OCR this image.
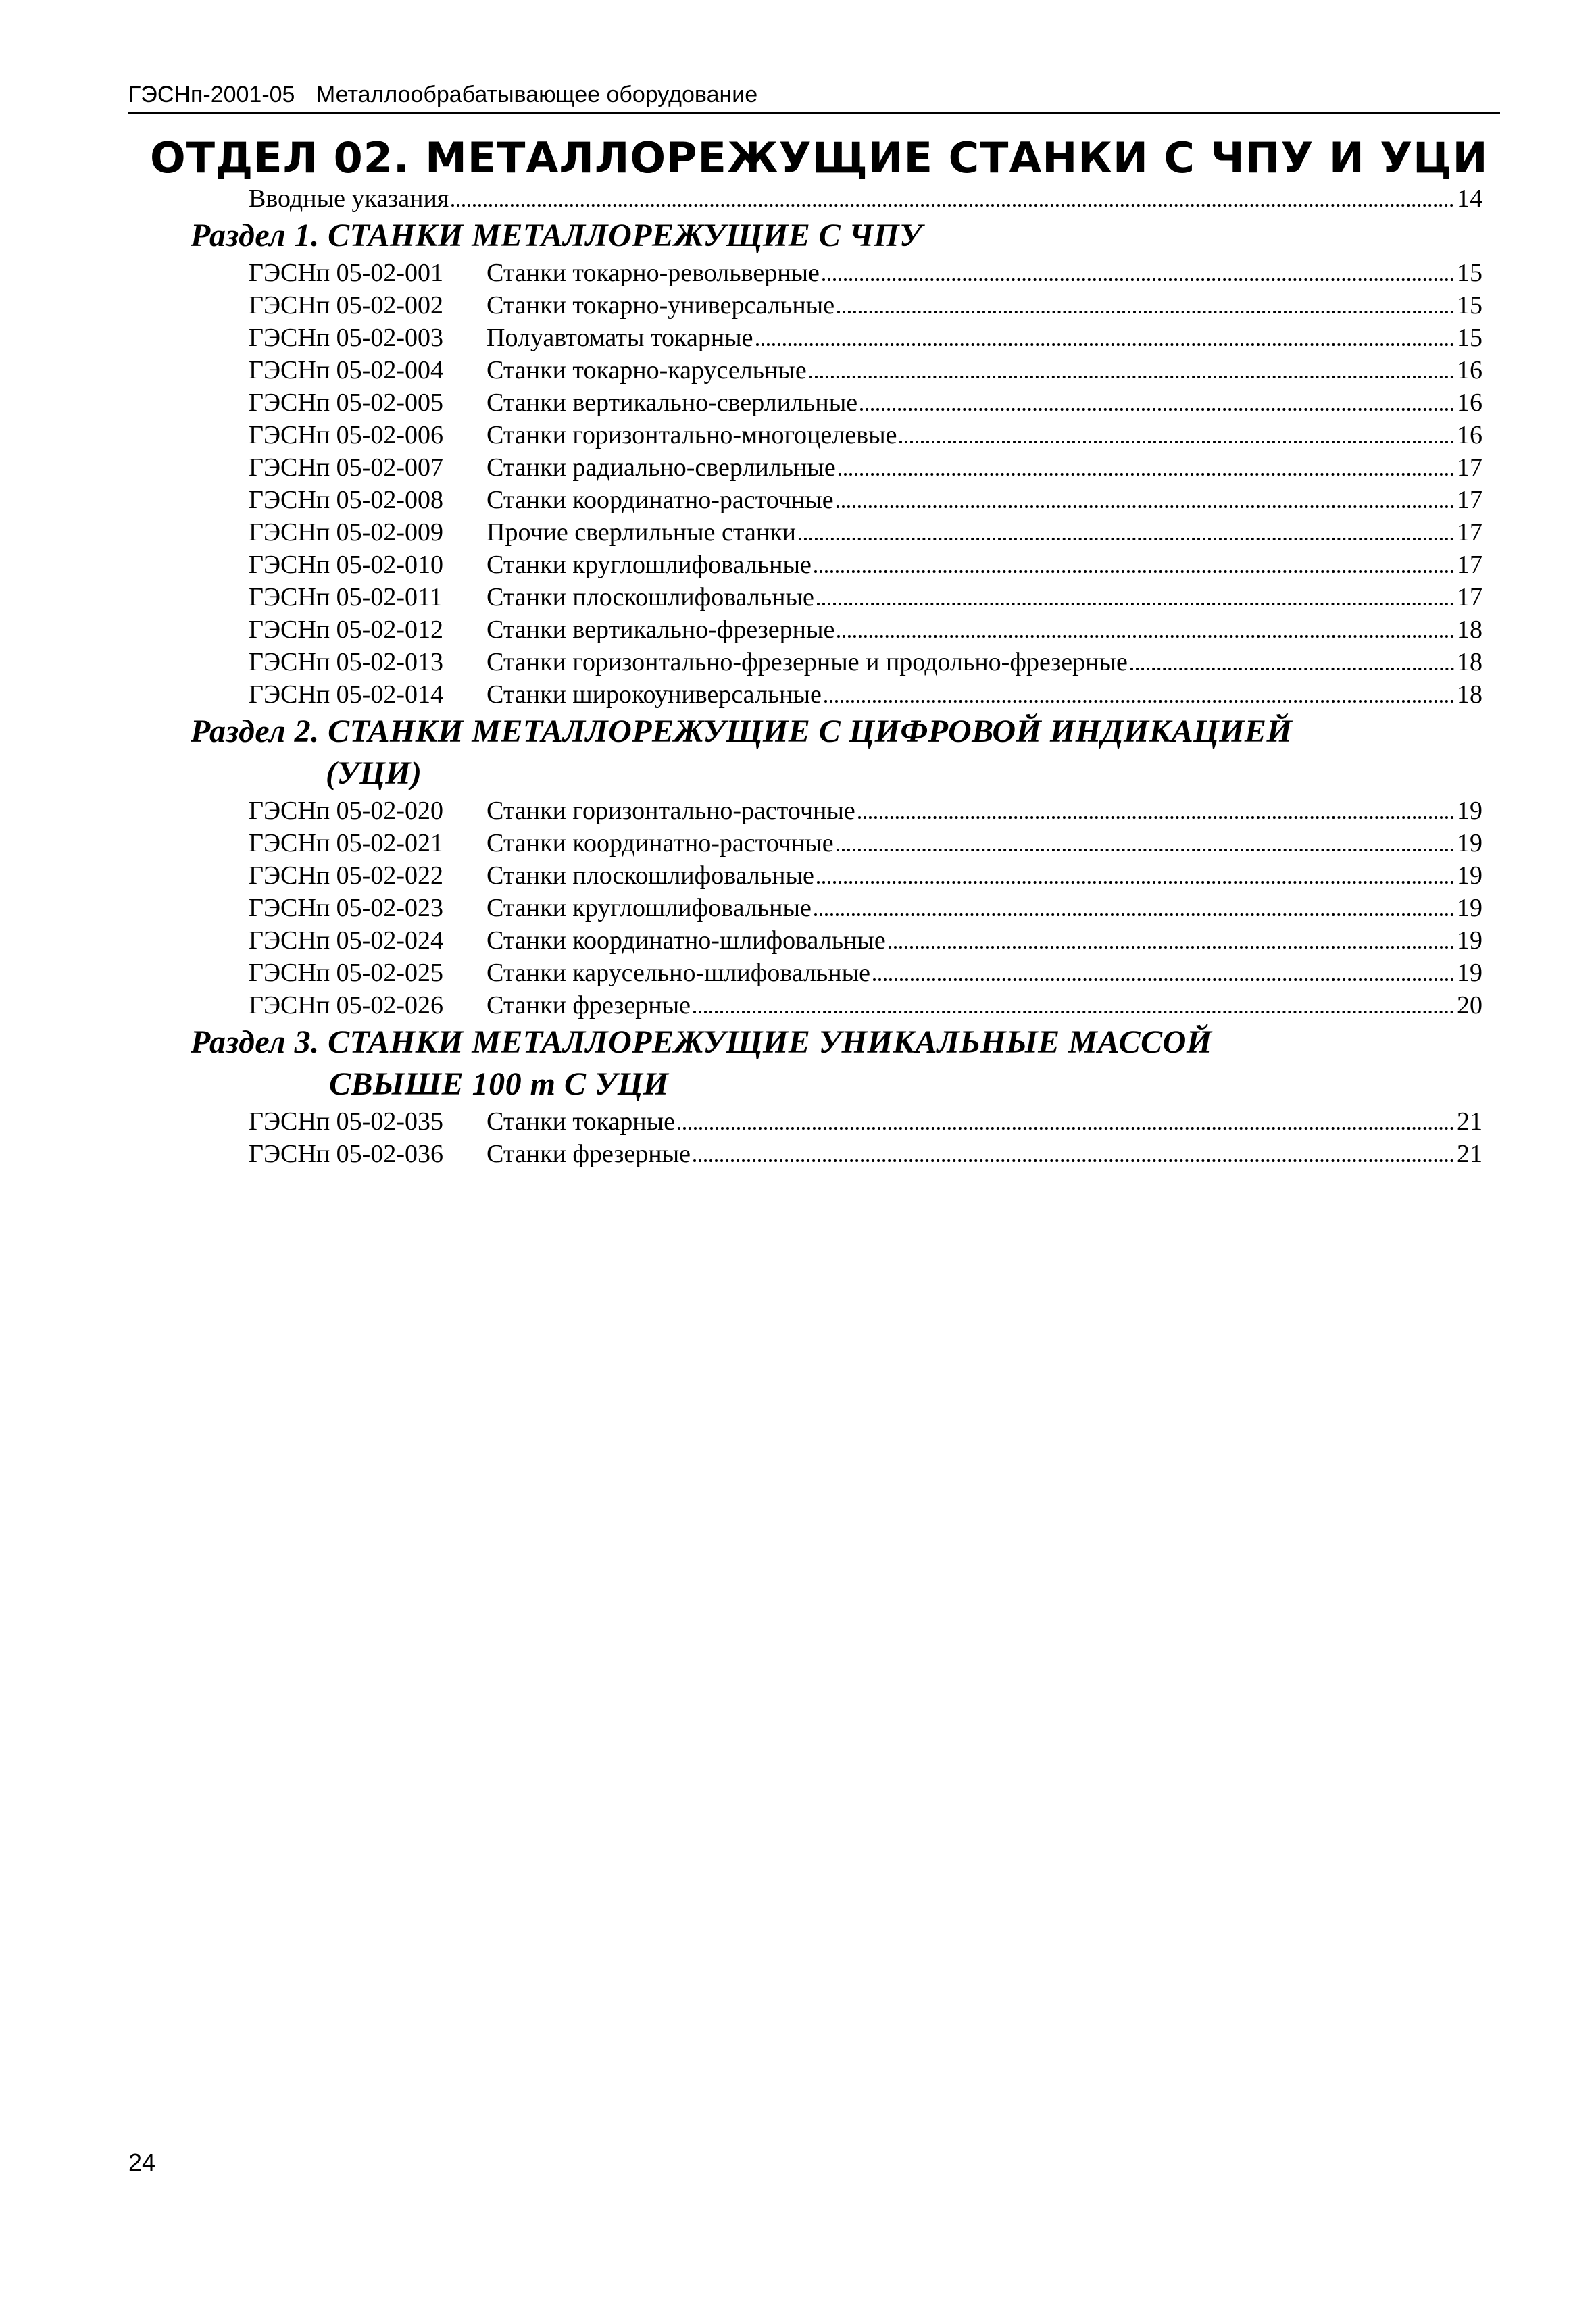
ГЭСНп-2001-05 Металлообрабатывающее оборудование
ОТДЕЛ 02. МЕТАЛЛОРЕЖУЩИЕ СТАНКИ С ЧПУ И УЦИ
Вводные указания	14
Раздел 1. СТАНКИ МЕТАЛЛОРЕЖУЩИЕ С ЧПУ
ГЭСНп 05-02-001 Станки токарно-револьверные	15
ГЭСНп 05-02-002 Станки токарно-универсальные	15
ГЭСНп 05-02-003 Полуавтоматы токарные	15
ГЭСНп 05-02-004 Станки токарно-карусельные	16
ГЭСНп 05-02-005 Станки вертикально-сверлильные	16
ГЭСНп 05-02-006 Станки горизонтально-многоцелевые	16
ГЭСНп 05-02-007 Станки радиально-сверлильные	17
ГЭСНп 05-02-008 Станки координатно-расточные	17
ГЭСНп 05-02-009 Прочие сверлильные станки	17
ГЭСНп 05-02-010 Станки круглошлифовальные	17
ГЭСНп 05-02-011 Станки плоскошлифовальные	17
ГЭСНп 05-02-012 Станки вертикально-фрезерные	18
ГЭСНп 05-02-013 Станки горизонтально-фрезерные и продольно-фрезерные	18
ГЭСНп 05-02-014 Станки широкоуниверсальные	18
Раздел 2. СТАНКИ МЕТАЛЛОРЕЖУЩИЕ С ЦИФРОВОЙ ИНДИКАЦИЕЙ
(УЦИ)
ГЭСНп 05-02-020 Станки горизонтально-расточные	19
ГЭСНп 05-02-021 Станки координатно-расточные	19
ГЭСНп 05-02-022 Станки плоскошлифовальные	19
ГЭСНп 05-02-023 Станки круглошлифовальные	19
ГЭСНп 05-02-024 Станки координатно-шлифовальные	19
ГЭСНп 05-02-025 Станки карусельно-шлифовальные	19
ГЭСНп 05-02-026 Станки фрезерные	20
Раздел 3. СТАНКИ МЕТАЛЛОРЕЖУЩИЕ УНИКАЛЬНЫЕ МАССОЙ
СВЫШЕ 100 т С УЦИ
ГЭСНп 05-02-035 Станки токарные	21
ГЭСНп 05-02-036 Станки фрезерные	21
24
